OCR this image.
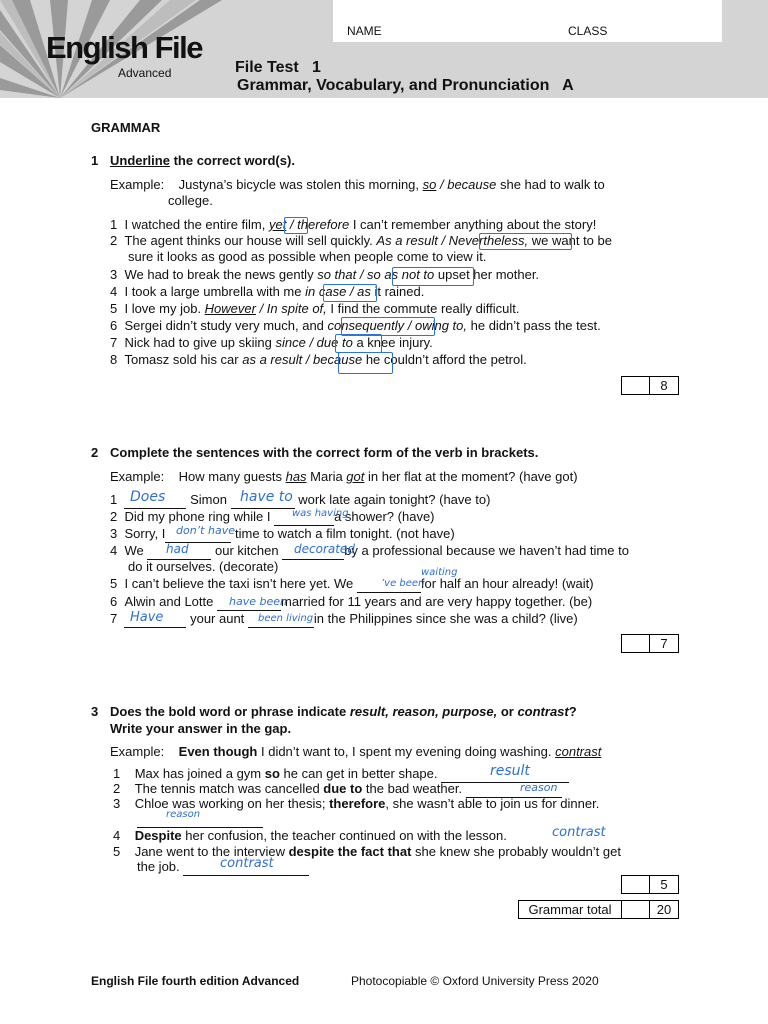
NAME	CLASS
English File
Advanced	File Test   1
Grammar, Vocabulary, and Pronunciation   A
GRAMMAR
1 Underline the correct word(s).
Example: Justyna’s bicycle was stolen this morning, so / because she had to walk to
college.
1 I watched the entire film, yet / therefore I can’t remember anything about the story!
2 The agent thinks our house will sell quickly. As a result / Nevertheless, we want to be
sure it looks as good as possible when people come to view it.
3 We had to break the news gently so that / so as not to upset her mother.
4 I took a large umbrella with me in case / as it rained.
5 I love my job. However / In spite of, I find the commute really difficult.
6 Sergei didn’t study very much, and consequently / owing to, he didn’t pass the test.
7 Nick had to give up skiing since / due to a knee injury.
8 Tomasz sold his car as a result / because he couldn’t afford the petrol.
8
2 Complete the sentences with the correct form of the verb in brackets.
Example: How many guests has Maria got in her flat at the moment? (have got)
1	Simon	work late again tonight? (have to)
2 Did my phone ring while I	a shower? (have)
3 Sorry, I	time to watch a film tonight. (not have)
4 We	our kitchen	by a professional because we haven’t had time to
do it ourselves. (decorate)
5 I can’t believe the taxi isn’t here yet. We	for half an hour already! (wait)
6 Alwin and Lotte	married for 11 years and are very happy together. (be)
7	your aunt	in the Philippines since she was a child? (live)
Does	have to
was having
don’t have
had	decorated
’ve been
waiting
have been
Have	been living
7
3 Does the bold word or phrase indicate result, reason, purpose, or contrast?
Write your answer in the gap.
Example: Even though I didn’t want to, I spent my evening doing washing. contrast
1 Max has joined a gym so he can get in better shape.
2 The tennis match was cancelled due to the bad weather.
3 Chloe was working on her thesis; therefore, she wasn’t able to join us for dinner.

4 Despite her confusion, the teacher continued on with the lesson.
5 Jane went to the interview despite the fact that she knew she probably wouldn’t get
the job.
result
reason
reason
contrast
contrast
5
Grammar total	20
English File fourth edition Advanced	Photocopiable © Oxford University Press 2020
